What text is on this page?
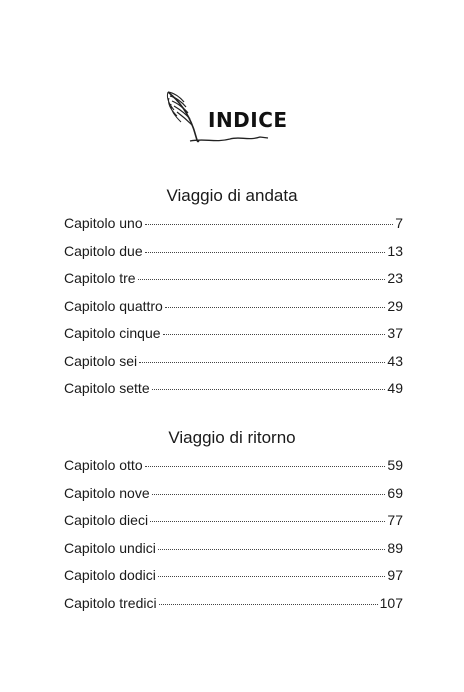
INDICE
Viaggio di andata
Capitolo uno	7
Capitolo due	13
Capitolo tre	23
Capitolo quattro	29
Capitolo cinque	37
Capitolo sei	43
Capitolo sette	49
Viaggio di ritorno
Capitolo otto	59
Capitolo nove	69
Capitolo dieci	77
Capitolo undici	89
Capitolo dodici	97
Capitolo tredici	107
